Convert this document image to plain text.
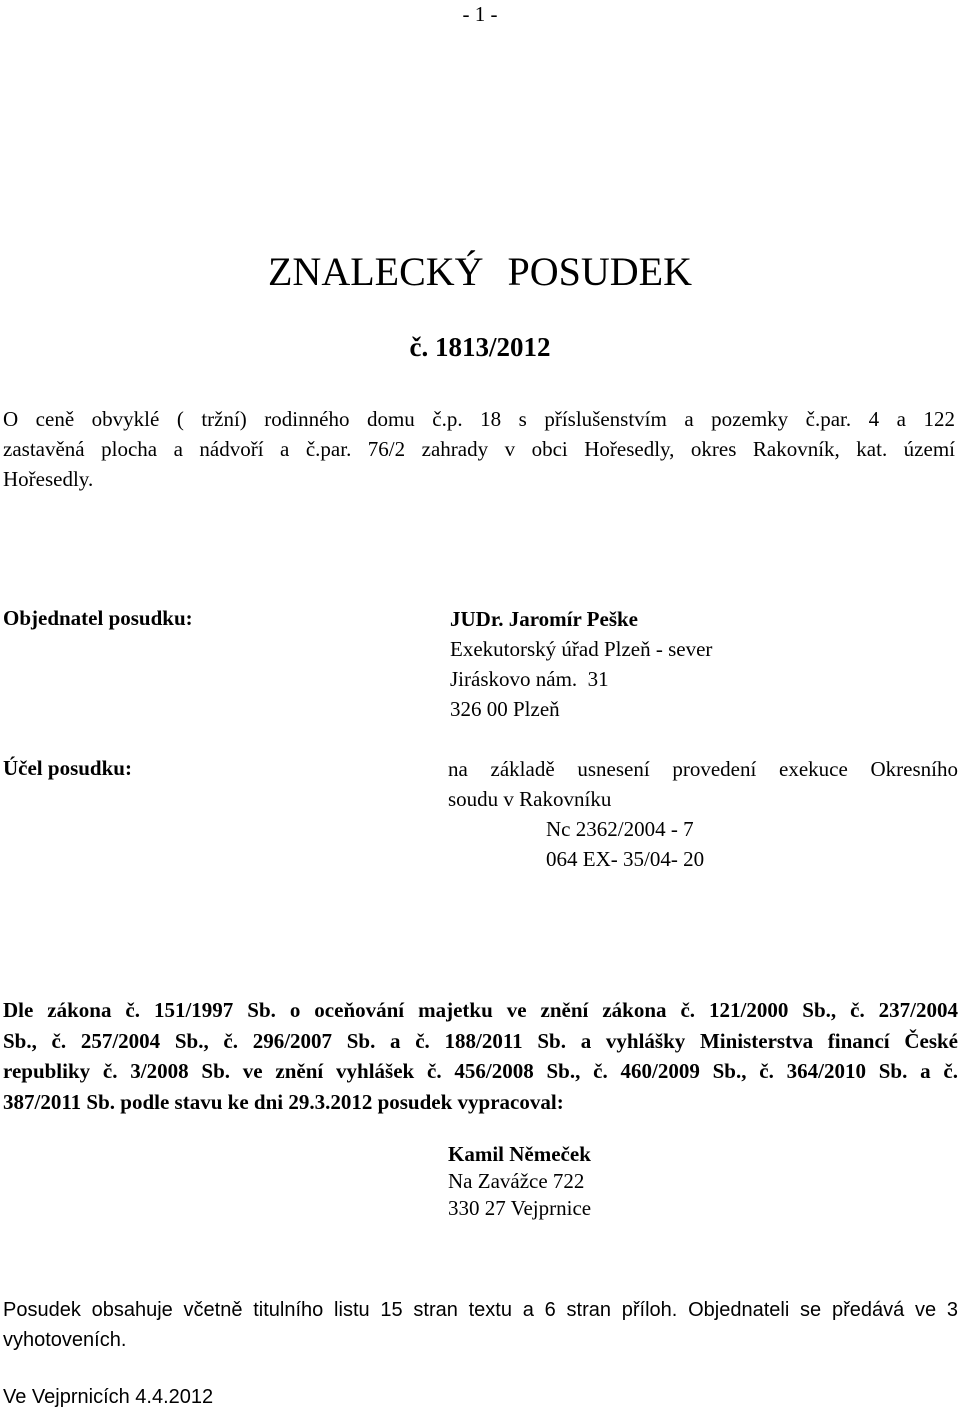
- 1 -

ZNALECKÝ POSUDEK

č. 1813/2012

O ceně obvyklé ( tržní) rodinného domu č.p. 18 s příslušenstvím a pozemky č.par. 4 a 122
zastavěná plocha a nádvoří a č.par. 76/2 zahrady v obci Hořesedly, okres Rakovník, kat. území
Hořesedly.

Objednatel posudku:	JUDr. Jaromír Peške
Exekutorský úřad Plzeň - sever
Jiráskovo nám.  31
326 00 Plzeň

Účel posudku:	na základě usnesení provedení exekuce Okresního
soudu v Rakovníku
Nc 2362/2004 - 7
064 EX- 35/04- 20
Dle zákona č. 151/1997 Sb. o oceňování majetku ve znění zákona č. 121/2000 Sb., č. 237/2004
Sb., č. 257/2004 Sb., č. 296/2007 Sb. a č. 188/2011 Sb. a vyhlášky Ministerstva financí České
republiky č. 3/2008 Sb. ve znění vyhlášek č. 456/2008 Sb., č. 460/2009 Sb., č. 364/2010 Sb. a č.
387/2011 Sb. podle stavu ke dni 29.3.2012 posudek vypracoval:
Kamil Němeček
Na Zavážce 722
330 27 Vejprnice
Posudek obsahuje včetně titulního listu 15 stran textu a 6 stran příloh. Objednateli se předává ve 3
vyhotoveních.

Ve Vejprnicích 4.4.2012
